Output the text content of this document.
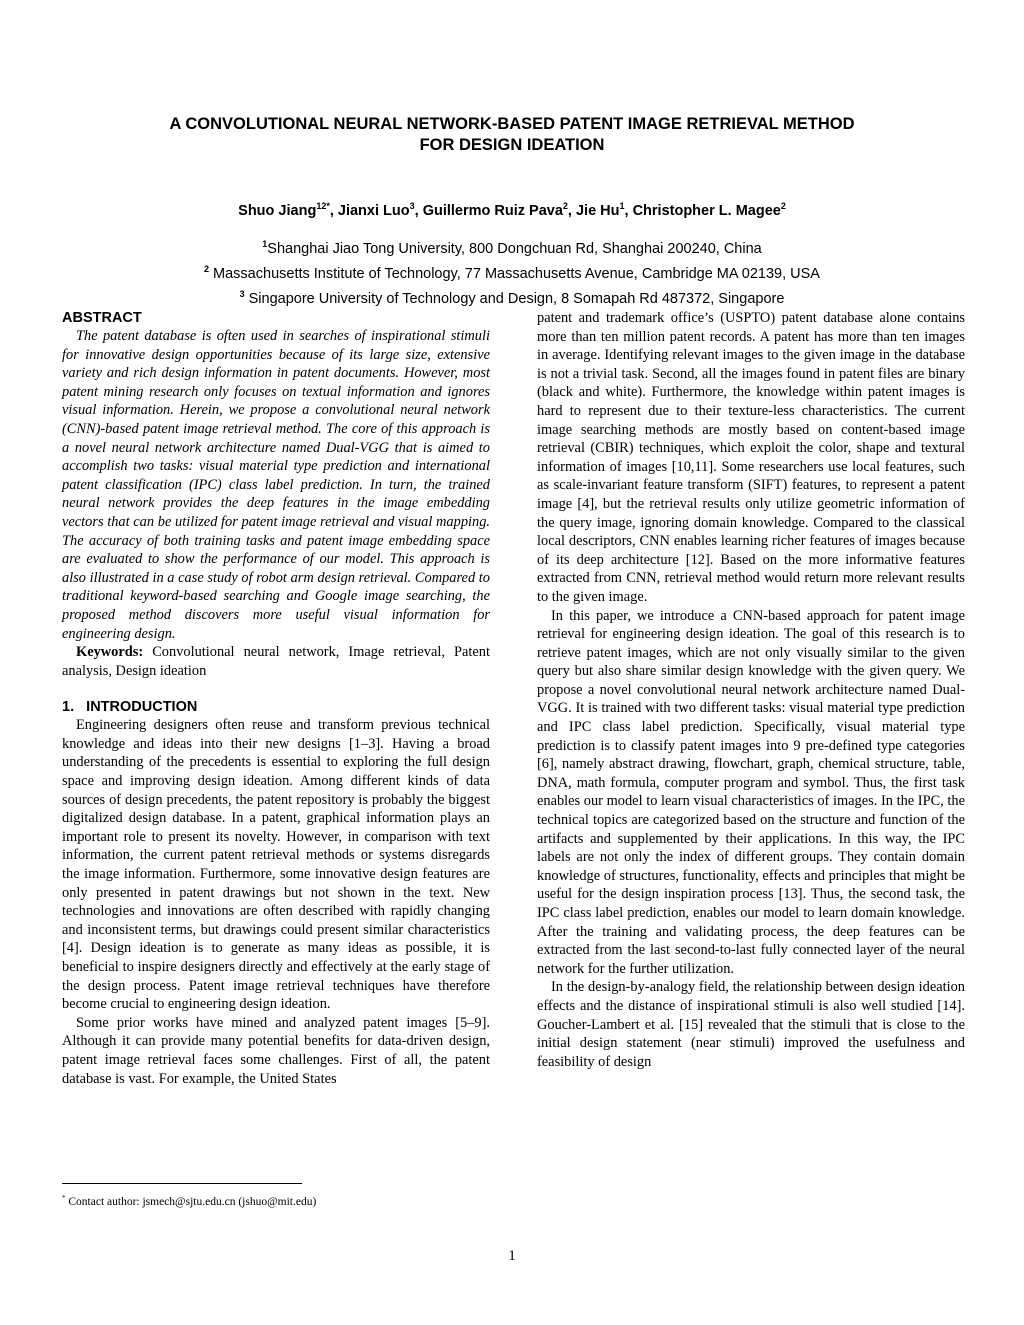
A CONVOLUTIONAL NEURAL NETWORK-BASED PATENT IMAGE RETRIEVAL METHOD
FOR DESIGN IDEATION
Shuo Jiang$^{12*}$, Jianxi Luo$^3$, Guillermo Ruiz Pava$^2$, Jie Hu$^1$, Christopher L. Magee$^2$
$^1$Shanghai Jiao Tong University, 800 Dongchuan Rd, Shanghai 200240, China
$^2$ Massachusetts Institute of Technology, 77 Massachusetts Avenue, Cambridge MA 02139, USA
$^3$ Singapore University of Technology and Design, 8 Somapah Rd 487372, Singapore
ABSTRACT

The patent database is often used in searches of inspirational stimuli for innovative design opportunities because of its large size, extensive variety and rich design information in patent documents. However, most patent mining research only focuses on textual information and ignores visual information. Herein, we propose a convolutional neural network (CNN)-based patent image retrieval method. The core of this approach is a novel neural network architecture named Dual-VGG that is aimed to accomplish two tasks: visual material type prediction and international patent classification (IPC) class label prediction. In turn, the trained neural network provides the deep features in the image embedding vectors that can be utilized for patent image retrieval and visual mapping. The accuracy of both training tasks and patent image embedding space are evaluated to show the performance of our model. This approach is also illustrated in a case study of robot arm design retrieval. Compared to traditional keyword-based searching and Google image searching, the proposed method discovers more useful visual information for engineering design.

Keywords: Convolutional neural network, Image retrieval, Patent analysis, Design ideation

1.   INTRODUCTION

Engineering designers often reuse and transform previous technical knowledge and ideas into their new designs [1–3]. Having a broad understanding of the precedents is essential to exploring the full design space and improving design ideation. Among different kinds of data sources of design precedents, the patent repository is probably the biggest digitalized design database. In a patent, graphical information plays an important role to present its novelty. However, in comparison with text information, the current patent retrieval methods or systems disregards the image information. Furthermore, some innovative design features are only presented in patent drawings but not shown in the text. New technologies and innovations are often described with rapidly changing and inconsistent terms, but drawings could present similar characteristics [4]. Design ideation is to generate as many ideas as possible, it is beneficial to inspire designers directly and effectively at the early stage of the design process. Patent image retrieval techniques have therefore become crucial to engineering design ideation.

Some prior works have mined and analyzed patent images [5–9]. Although it can provide many potential benefits for data-driven design, patent image retrieval faces some challenges. First of all, the patent database is vast. For example, the United States

patent and trademark office’s (USPTO) patent database alone contains more than ten million patent records. A patent has more than ten images in average. Identifying relevant images to the given image in the database is not a trivial task. Second, all the images found in patent files are binary (black and white). Furthermore, the knowledge within patent images is hard to represent due to their texture-less characteristics. The current image searching methods are mostly based on content-based image retrieval (CBIR) techniques, which exploit the color, shape and textural information of images [10,11]. Some researchers use local features, such as scale-invariant feature transform (SIFT) features, to represent a patent image [4], but the retrieval results only utilize geometric information of the query image, ignoring domain knowledge. Compared to the classical local descriptors, CNN enables learning richer features of images because of its deep architecture [12]. Based on the more informative features extracted from CNN, retrieval method would return more relevant results to the given image.

In this paper, we introduce a CNN-based approach for patent image retrieval for engineering design ideation. The goal of this research is to retrieve patent images, which are not only visually similar to the given query but also share similar design knowledge with the given query. We propose a novel convolutional neural network architecture named Dual-VGG. It is trained with two different tasks: visual material type prediction and IPC class label prediction. Specifically, visual material type prediction is to classify patent images into 9 pre-defined type categories [6], namely abstract drawing, flowchart, graph, chemical structure, table, DNA, math formula, computer program and symbol. Thus, the first task enables our model to learn visual characteristics of images. In the IPC, the technical topics are categorized based on the structure and function of the artifacts and supplemented by their applications. In this way, the IPC labels are not only the index of different groups. They contain domain knowledge of structures, functionality, effects and principles that might be useful for the design inspiration process [13]. Thus, the second task, the IPC class label prediction, enables our model to learn domain knowledge. After the training and validating process, the deep features can be extracted from the last second-to-last fully connected layer of the neural network for the further utilization.

In the design-by-analogy field, the relationship between design ideation effects and the distance of inspirational stimuli is also well studied [14]. Goucher-Lambert et al. [15] revealed that the stimuli that is close to the initial design statement (near stimuli) improved the usefulness and feasibility of design

* Contact author: jsmech@sjtu.edu.cn (jshuo@mit.edu)
1
